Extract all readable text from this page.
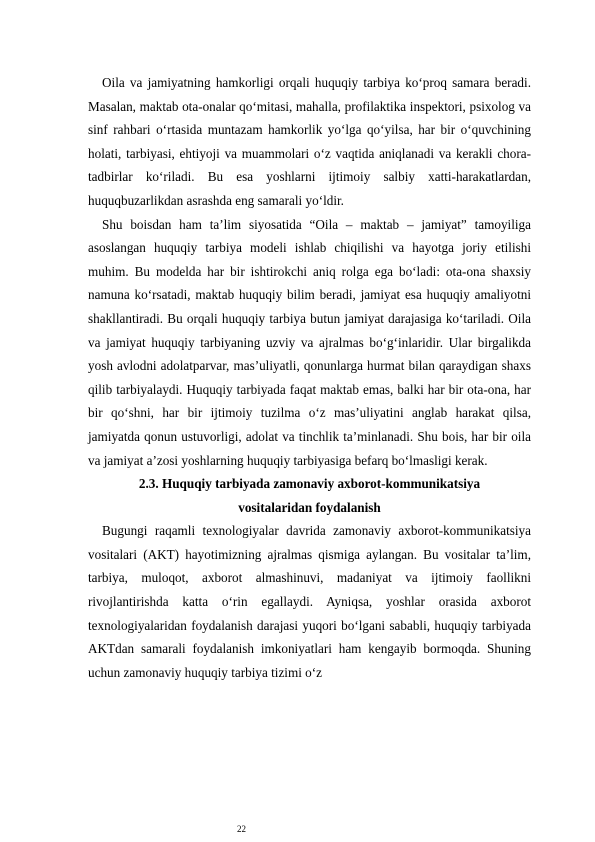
Oila va jamiyatning hamkorligi orqali huquqiy tarbiya ko‘proq samara beradi. Masalan, maktab ota-onalar qo‘mitasi, mahalla, profilaktika inspektori, psixolog va sinf rahbari o‘rtasida muntazam hamkorlik yo‘lga qo‘yilsa, har bir o‘quvchining holati, tarbiyasi, ehtiyoji va muammolari o‘z vaqtida aniqlanadi va kerakli chora-tadbirlar ko‘riladi. Bu esa yoshlarni ijtimoiy salbiy xatti-harakatlardan, huquqbuzarlikdan asrashda eng samarali yo‘ldir.

Shu boisdan ham ta’lim siyosatida “Oila – maktab – jamiyat” tamoyiliga asoslangan huquqiy tarbiya modeli ishlab chiqilishi va hayotga joriy etilishi muhim. Bu modelda har bir ishtirokchi aniq rolga ega bo‘ladi: ota-ona shaxsiy namuna ko‘rsatadi, maktab huquqiy bilim beradi, jamiyat esa huquqiy amaliyotni shakllantiradi. Bu orqali huquqiy tarbiya butun jamiyat darajasiga ko‘tariladi. Oila va jamiyat huquqiy tarbiyaning uzviy va ajralmas bo‘g‘inlaridir. Ular birgalikda yosh avlodni adolatparvar, mas’uliyatli, qonunlarga hurmat bilan qaraydigan shaxs qilib tarbiyalaydi. Huquqiy tarbiyada faqat maktab emas, balki har bir ota-ona, har bir qo‘shni, har bir ijtimoiy tuzilma o‘z mas’uliyatini anglab harakat qilsa, jamiyatda qonun ustuvorligi, adolat va tinchlik ta’minlanadi. Shu bois, har bir oila va jamiyat a’zosi yoshlarning huquqiy tarbiyasiga befarq bo‘lmasligi kerak.

2.3. Huquqiy tarbiyada zamonaviy axborot-kommunikatsiya
vositalaridan foydalanish

Bugungi raqamli texnologiyalar davrida zamonaviy axborot-kommunikatsiya vositalari (AKT) hayotimizning ajralmas qismiga aylangan. Bu vositalar ta’lim, tarbiya, muloqot, axborot almashinuvi, madaniyat va ijtimoiy faollikni rivojlantirishda katta o‘rin egallaydi. Ayniqsa, yoshlar orasida axborot texnologiyalaridan foydalanish darajasi yuqori bo‘lgani sababli, huquqiy tarbiyada AKTdan samarali foydalanish imkoniyatlari ham kengayib bormoqda. Shuning uchun zamonaviy huquqiy tarbiya tizimi o‘z

22
